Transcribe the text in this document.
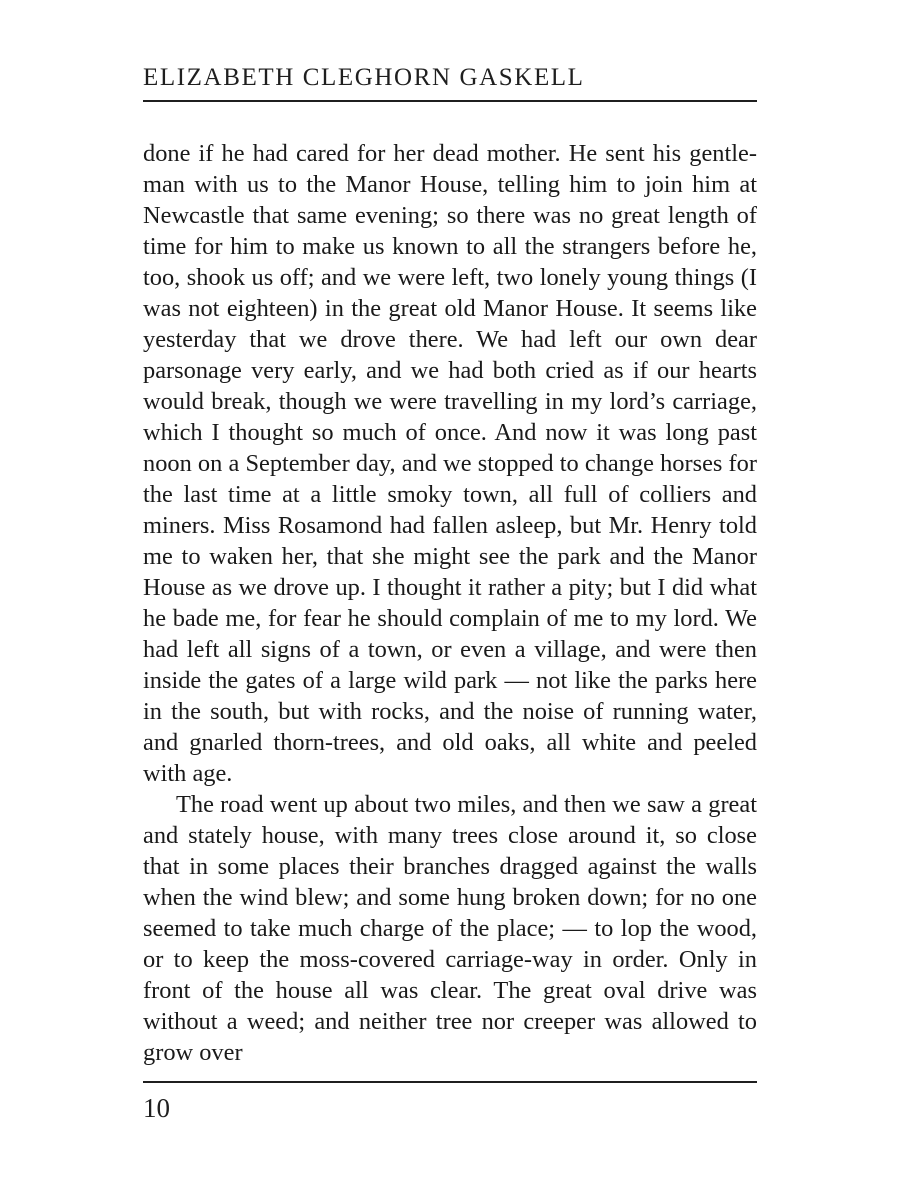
ELIZABETH CLEGHORN GASKELL

done if he had cared for her dead mother. He sent his gentleman with us to the Manor House, telling him to join him at Newcastle that same evening; so there was no great length of time for him to make us known to all the strangers before he, too, shook us off; and we were left, two lonely young things (I was not eighteen) in the great old Manor House. It seems like yesterday that we drove there. We had left our own dear parsonage very early, and we had both cried as if our hearts would break, though we were travelling in my lord’s carriage, which I thought so much of once. And now it was long past noon on a September day, and we stopped to change horses for the last time at a little smoky town, all full of colliers and miners. Miss Rosamond had fallen asleep, but Mr. Henry told me to waken her, that she might see the park and the Manor House as we drove up. I thought it rather a pity; but I did what he bade me, for fear he should complain of me to my lord. We had left all signs of a town, or even a village, and were then inside the gates of a large wild park — not like the parks here in the south, but with rocks, and the noise of running water, and gnarled thorn-trees, and old oaks, all white and peeled with age.

The road went up about two miles, and then we saw a great and stately house, with many trees close around it, so close that in some places their branches dragged against the walls when the wind blew; and some hung broken down; for no one seemed to take much charge of the place; — to lop the wood, or to keep the moss-covered carriage-way in order. Only in front of the house all was clear. The great oval drive was without a weed; and neither tree nor creeper was allowed to grow over

10
